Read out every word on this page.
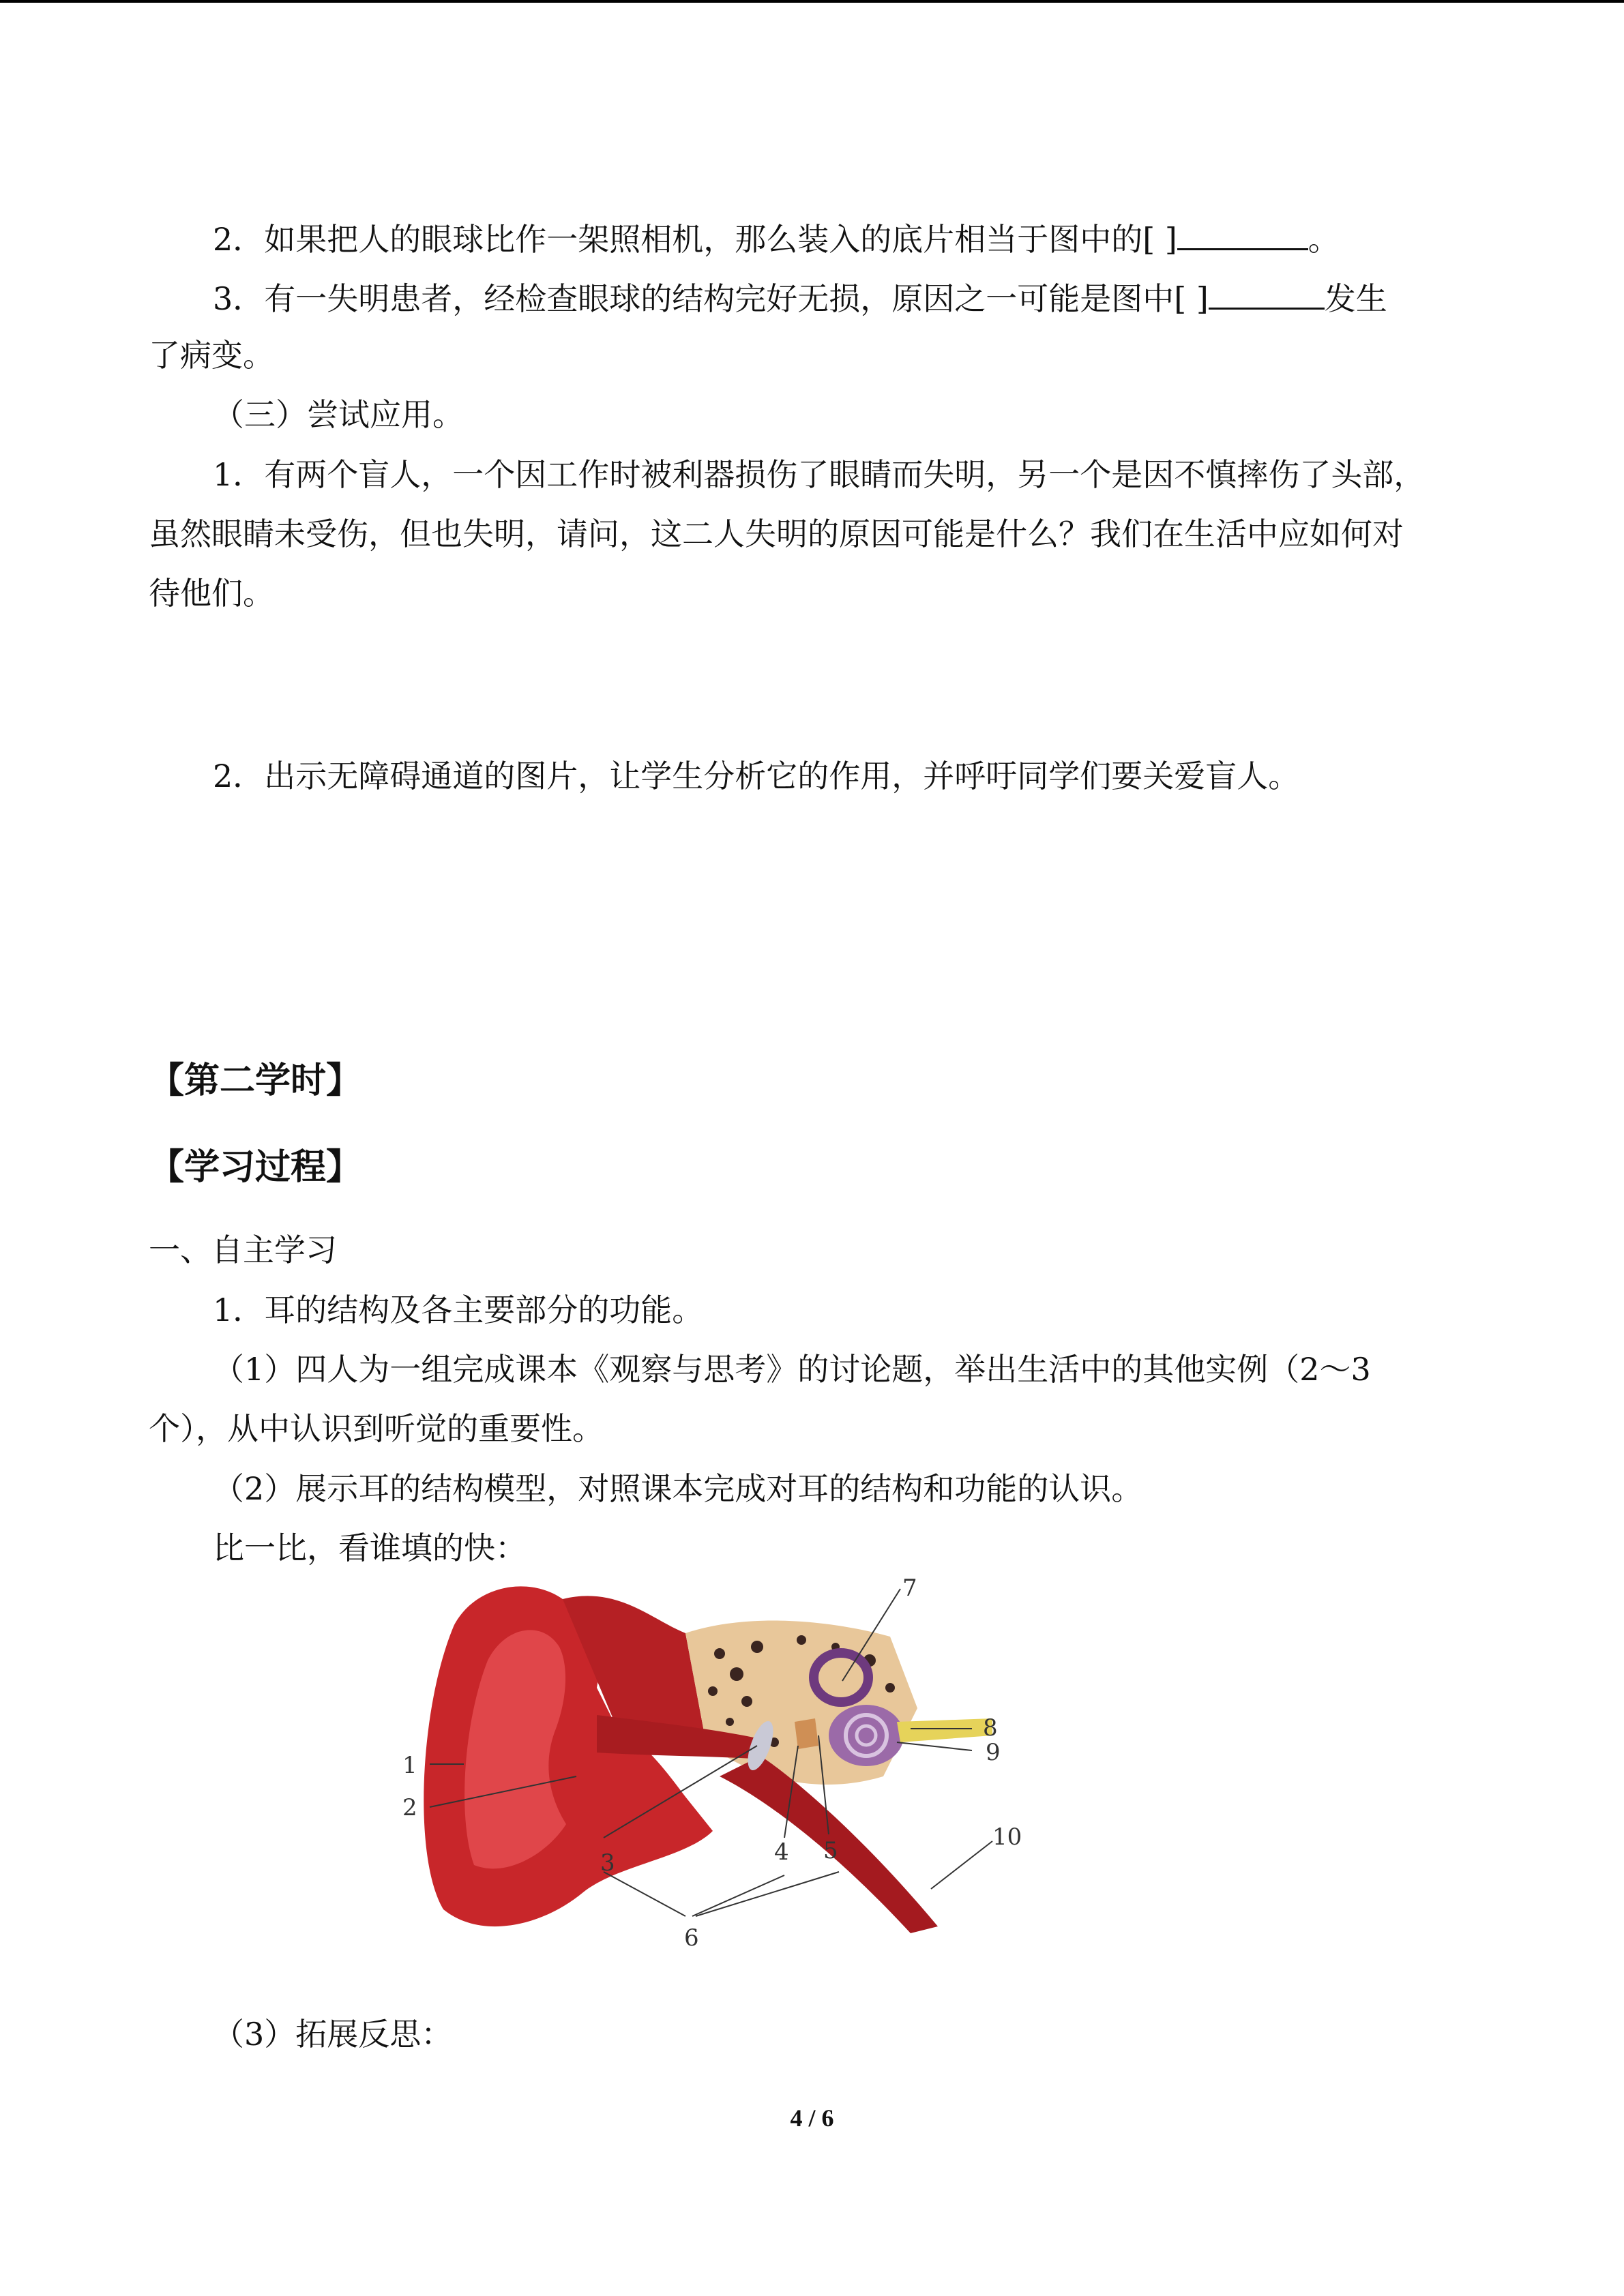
2．如果把人的眼球比作一架照相机，那么装入的底片相当于图中的[ ]	。
3．有一失明患者，经检查眼球的结构完好无损，原因之一可能是图中[ ]	发生
了病变。
（三）尝试应用。
1．有两个盲人，一个因工作时被利器损伤了眼睛而失明，另一个是因不慎摔伤了头部，
虽然眼睛未受伤，但也失明，请问，这二人失明的原因可能是什么？我们在生活中应如何对
待他们。
2．出示无障碍通道的图片，让学生分析它的作用，并呼吁同学们要关爱盲人。
【第二学时】
【学习过程】
一、自主学习
1．耳的结构及各主要部分的功能。
（1）四人为一组完成课本《观察与思考》的讨论题，举出生活中的其他实例（2～3
个），从中认识到听觉的重要性。
（2）展示耳的结构模型，对照课本完成对耳的结构和功能的认识。
比一比，看谁填的快：
1
2
3	4 5
6
7
8
9
10
（3）拓展反思：
4 / 6
